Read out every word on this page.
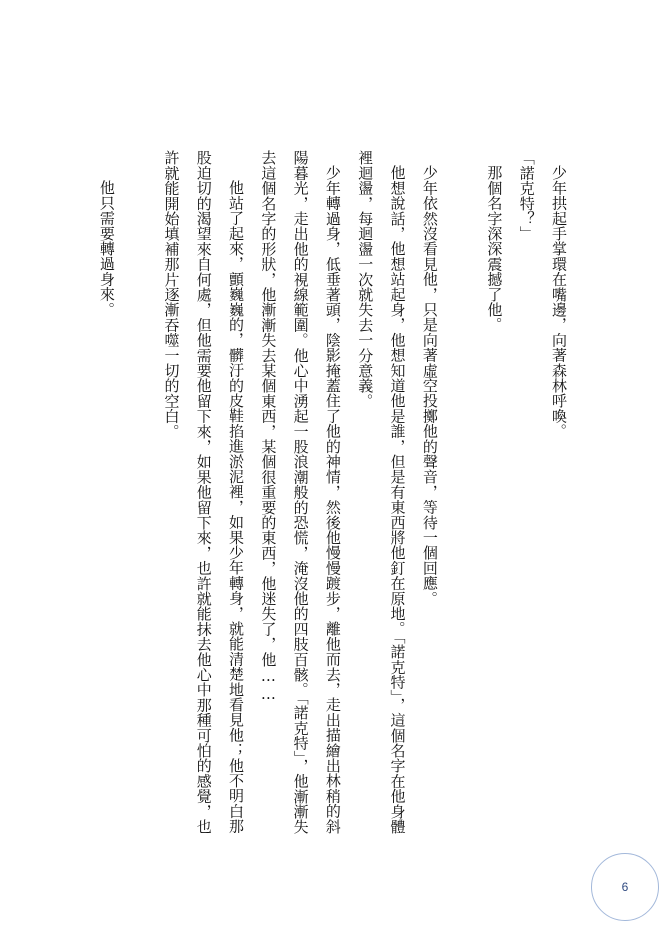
少年拱起手掌環在嘴邊，向著森林呼喚。

「諾克特？」

那個名字深深震撼了他。

少年依然沒看見他，只是向著虛空投擲他的聲音，等待一個回應。

他想說話，他想站起身，他想知道他是誰，但是有東西將他釘在原地。「諾克特」，這個名字在他身體裡迴盪，每迴盪一次就失去一分意義。

少年轉過身，低垂著頭，陰影掩蓋住了他的神情，然後他慢慢踱步，離他而去，走出描繪出林稍的斜陽暮光，走出他的視線範圍。他心中湧起一股浪潮般的恐慌，淹沒他的四肢百骸。「諾克特」，他漸漸失去這個名字的形狀，他漸漸失去某個東西，某個很重要的東西，他迷失了，他……

他站了起來，顫巍巍的，髒汙的皮鞋掐進淤泥裡，如果少年轉身，就能清楚地看見他；他不明白那股迫切的渴望來自何處，但他需要他留下來，如果他留下來，也許就能抹去他心中那種可怕的感覺，也許就能開始填補那片逐漸吞噬一切的空白。

他只需要轉過身來。

6
